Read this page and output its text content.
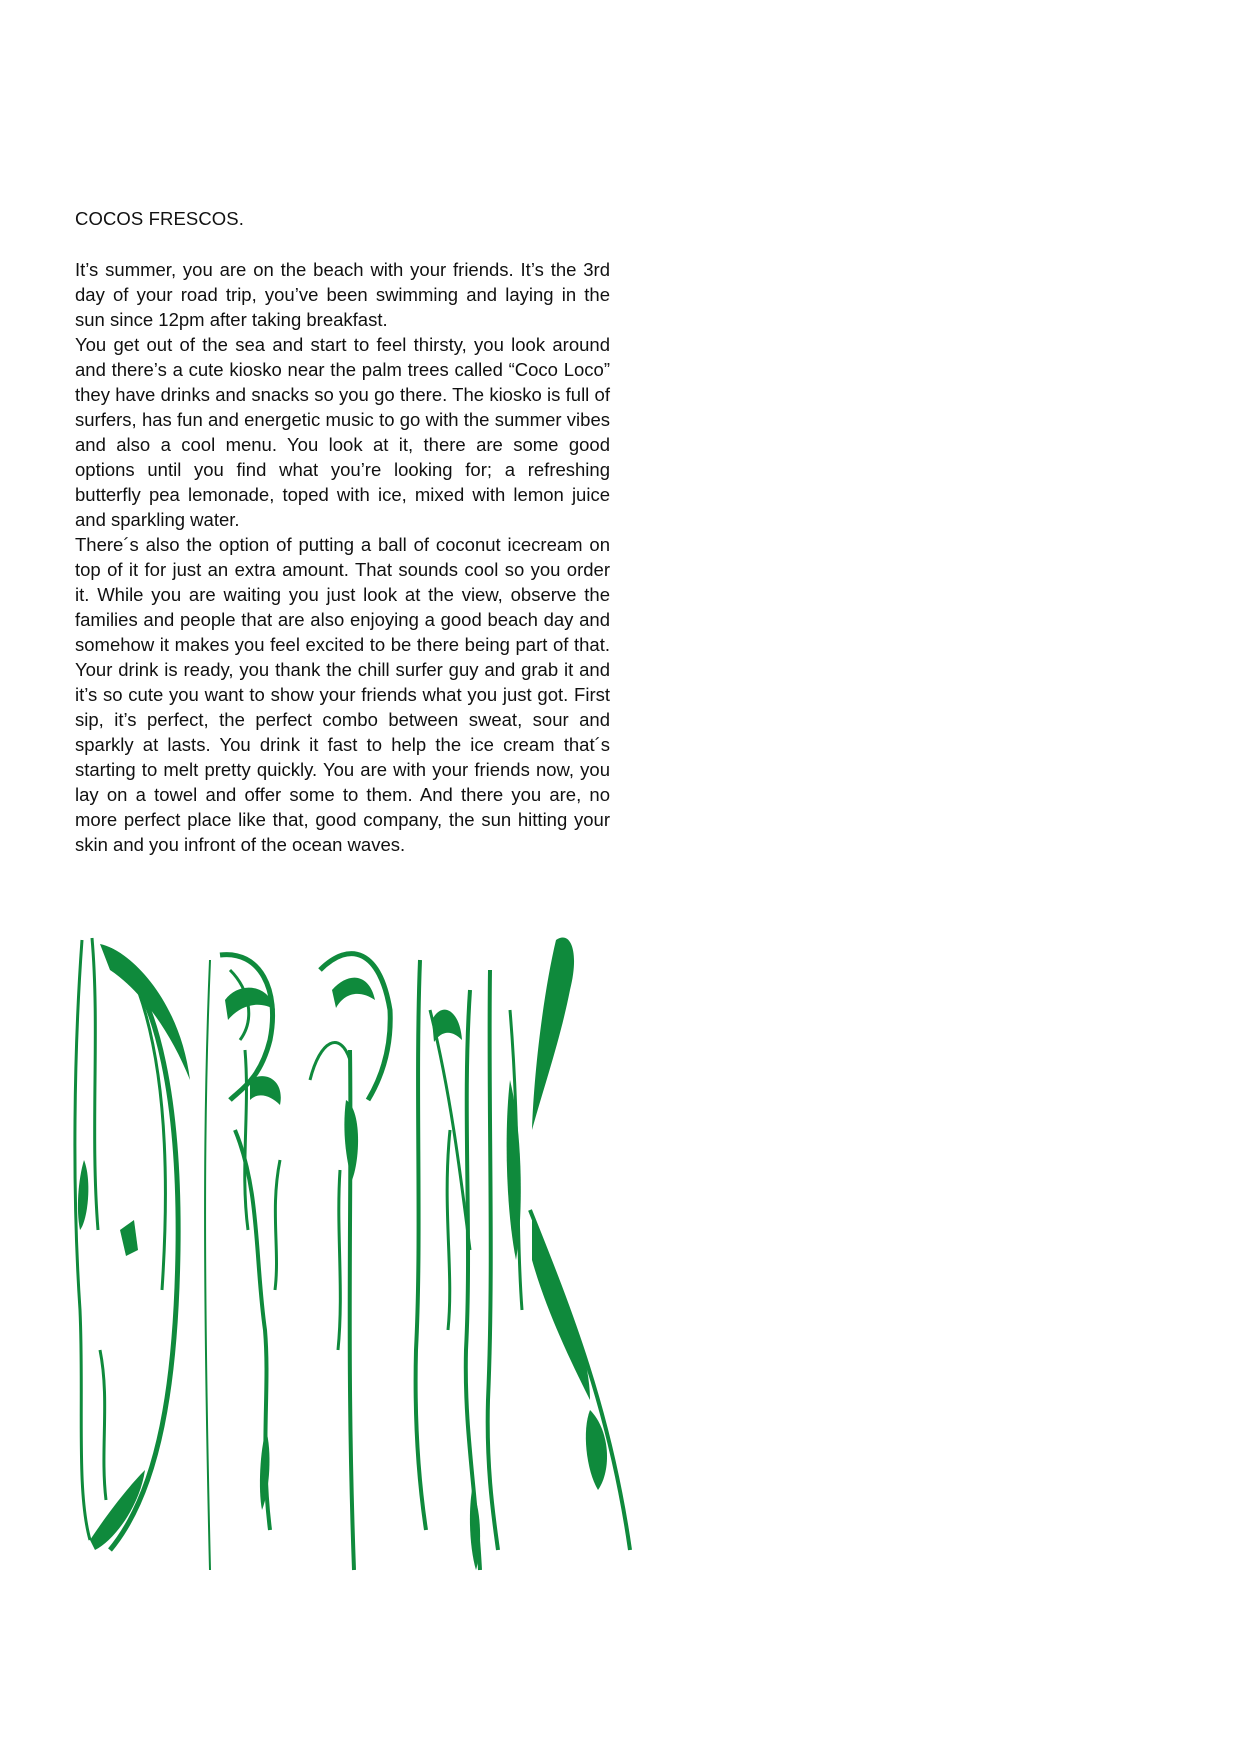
COCOS FRESCOS.

It’s summer, you are on the beach with your friends. It’s the 3rd day of your road trip, you’ve been swimming and laying in the sun since 12pm after taking breakfast.

You get out of the sea and start to feel thirsty, you look around and there’s a cute kiosko near the palm trees called “Coco Loco” they have drinks and snacks so you go there. The kiosko is full of surfers, has fun and energetic music to go with the summer vibes and also a cool menu. You look at it, there are some good options until you find what you’re looking for; a refreshing butterfly pea lemonade, toped with ice, mixed with lemon juice and sparkling water.

There´s also the option of putting a ball of coconut icecream on top of it for just an extra amount. That sounds cool so you order it. While you are waiting you just look at the view, observe the families and people that are also enjoying a good beach day and somehow it makes you feel excited to be there being part of that. Your drink is ready, you thank the chill surfer guy and grab it and it’s so cute you want to show your friends what you just got. First sip, it’s perfect, the perfect combo between sweat, sour and sparkly at lasts. You drink it fast to help the ice cream that´s starting to melt pretty quickly. You are with your friends now, you lay on a towel and offer some to them. And there you are, no more perfect place like that, good company, the sun hitting your skin and you infront of the ocean waves.
